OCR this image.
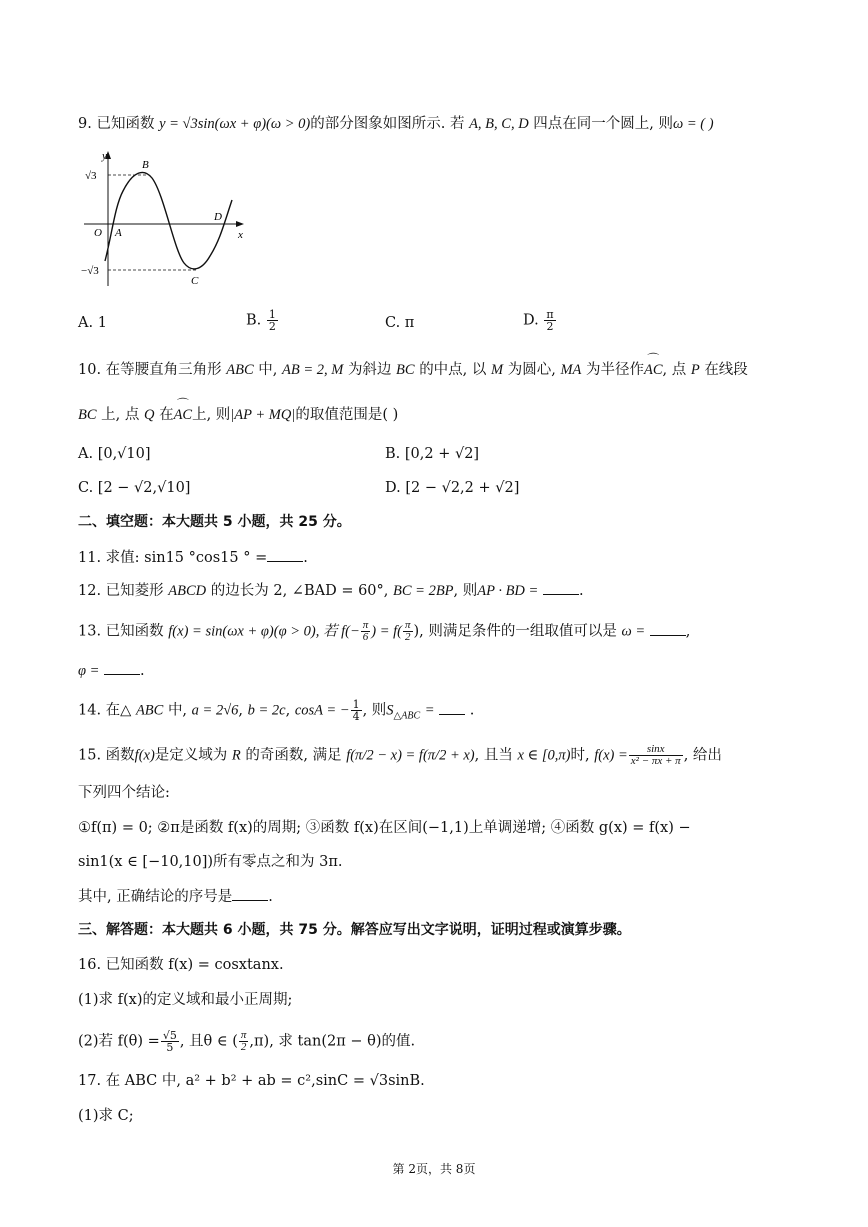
9. 已知函数 y = √3sin(ωx + φ)(ω > 0)的部分图象如图所示. 若 A, B, C, D 四点在同一个圆上, 则ω = ( )
y
x
√3
−√3
O A
B
C
D
A. 1	B. $\frac{1}{2}$	C. π	D. $\frac{\pi}{2}$
10. 在等腰直角三角形 ABC 中, AB = 2, M 为斜边 BC 的中点, 以 M 为圆心, MA 为半径作⌒ AC, 点 P 在线段
BC 上, 点 Q 在⌒ AC上, 则|AP + MQ|的取值范围是( )
A. [0,√10]	B. [0,2 + √2]
C. [2 − √2,√10]	D. [2 − √2,2 + √2]
二、填空题：本大题共 5 小题，共 25 分。
11. 求值: sin15 °cos15 ° = .
12. 已知菱形 ABCD 的边长为 2, ∠BAD = 60°, BC = 2BP, 则AP · BD =	.
13. 已知函数 f(x) = sin(ωx + φ)(φ > 0), 若 $f(- \frac{\pi}{6}$ ) = $f( \frac{\pi}{2}$ ), 则满足条件的一组取值可以是 ω =	,
φ =	.
14. 在△ ABC 中, a = 2√6, b = 2c, cosA = − $\frac{1}{4}$ , 则$S_{\triangle ABC}$ = .
15. 函数f(x)是定义域为 R 的奇函数, 满足 f(π/2 − x) = f(π/2 + x), 且当 x ∈ [0,π)时, $f(x) = \frac{\sin x}{\text{x² − πx + π}}$ , 给出
下列四个结论:
①f(π) = 0; ②π是函数 f(x)的周期; ③函数 f(x)在区间(−1,1)上单调递增; ④函数 g(x) = f(x) −
sin1(x ∈ [−10,10])所有零点之和为 3π.
其中, 正确结论的序号是 .
三、解答题：本大题共 6 小题，共 75 分。解答应写出文字说明，证明过程或演算步骤。
16. 已知函数 f(x) = cosxtanx.
(1)求 f(x)的定义域和最小正周期;
(2)若 $f(\theta) = \frac{√5}{5}$ , 且θ ∈ ( $\frac{\pi}{2} ,\pi$), 求 tan(2π − θ)的值.
17. 在 ABC 中, a² + b² + ab = c²,sinC = √3sinB.
(1)求 C;
第 2页，共 8页
